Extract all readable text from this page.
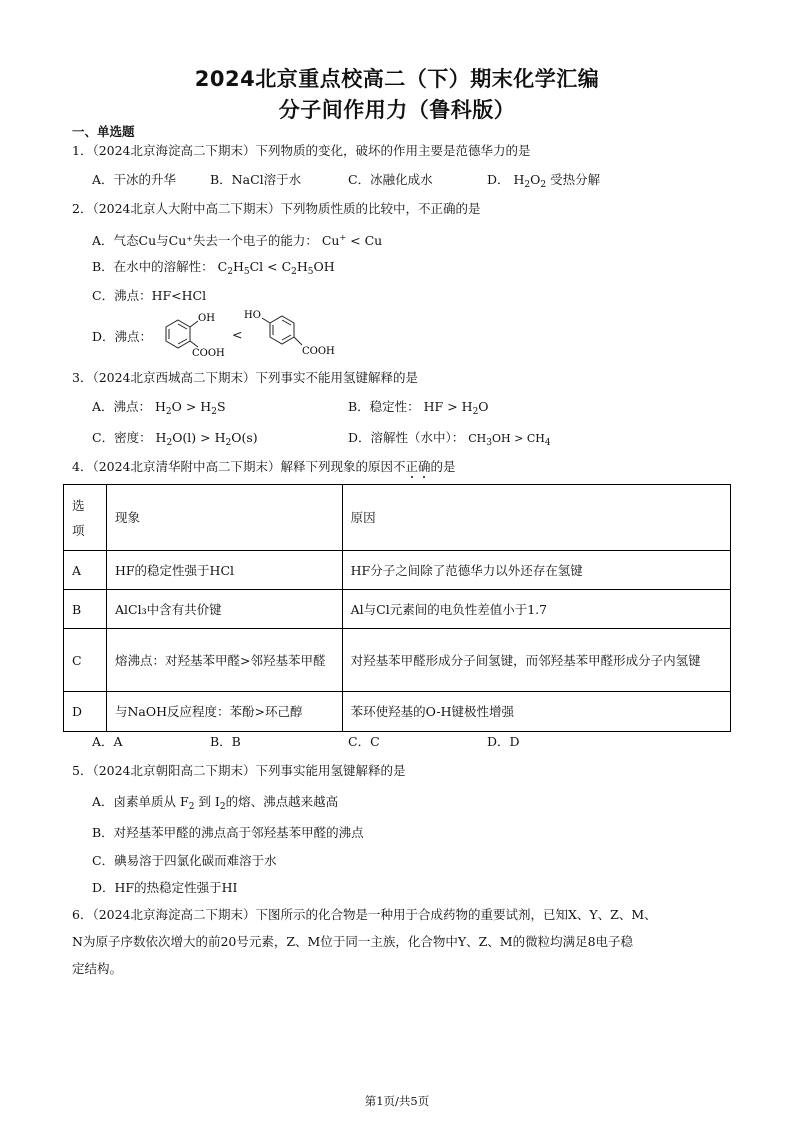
2024北京重点校高二（下）期末化学汇编
分子间作用力（鲁科版）
一、单选题
1．（2024北京海淀高二下期末）下列物质的变化，破坏的作用主要是范德华力的是
A．干冰的升华	B．NaCl溶于水	C．冰融化成水	D． $H_2O_2$ 受热分解
2．（2024北京人大附中高二下期末）下列物质性质的比较中，不正确的是
A．气态Cu与Cu⁺失去一个电子的能力： Cu+ < Cu
B．在水中的溶解性： $C_2H_5Cl < C_2H_5OH$
C．沸点：HF<HCl
D．沸点：
OH
COOH
<
HO
COOH
3．（2024北京西城高二下期末）下列事实不能用氢键解释的是
A．沸点： $H_2O > H_2S$	B．稳定性： HF > $H_2O$
C．密度： $H_2O(l) > H_2O(s)$	D．溶解性（水中）： $CH_3OH > CH_4$
4．（2024北京清华附中高二下期末）解释下列现象的原因不正确的是
选项	现象	原因
A	HF的稳定性强于HCl	HF分子之间除了范德华力以外还存在氢键
B	AlCl₃中含有共价键	Al与Cl元素间的电负性差值小于1.7
C	熔沸点：对羟基苯甲醛>邻羟基苯甲醛	对羟基苯甲醛形成分子间氢键，而邻羟基苯甲醛形成分子内氢键
D	与NaOH反应程度：苯酚>环己醇	苯环使羟基的O-H键极性增强
A．A	B．B	C．C	D．D
5．（2024北京朝阳高二下期末）下列事实能用氢键解释的是
A．卤素单质从 $F_2$ 到 $I_2$的熔、沸点越来越高
B．对羟基苯甲醛的沸点高于邻羟基苯甲醛的沸点
C．碘易溶于四氯化碳而难溶于水
D．HF的热稳定性强于HI
6．（2024北京海淀高二下期末）下图所示的化合物是一种用于合成药物的重要试剂，已知X、Y、Z、M、
N为原子序数依次增大的前20号元素，Z、M位于同一主族，化合物中Y、Z、M的微粒均满足8电子稳
定结构。
第1页/共5页
